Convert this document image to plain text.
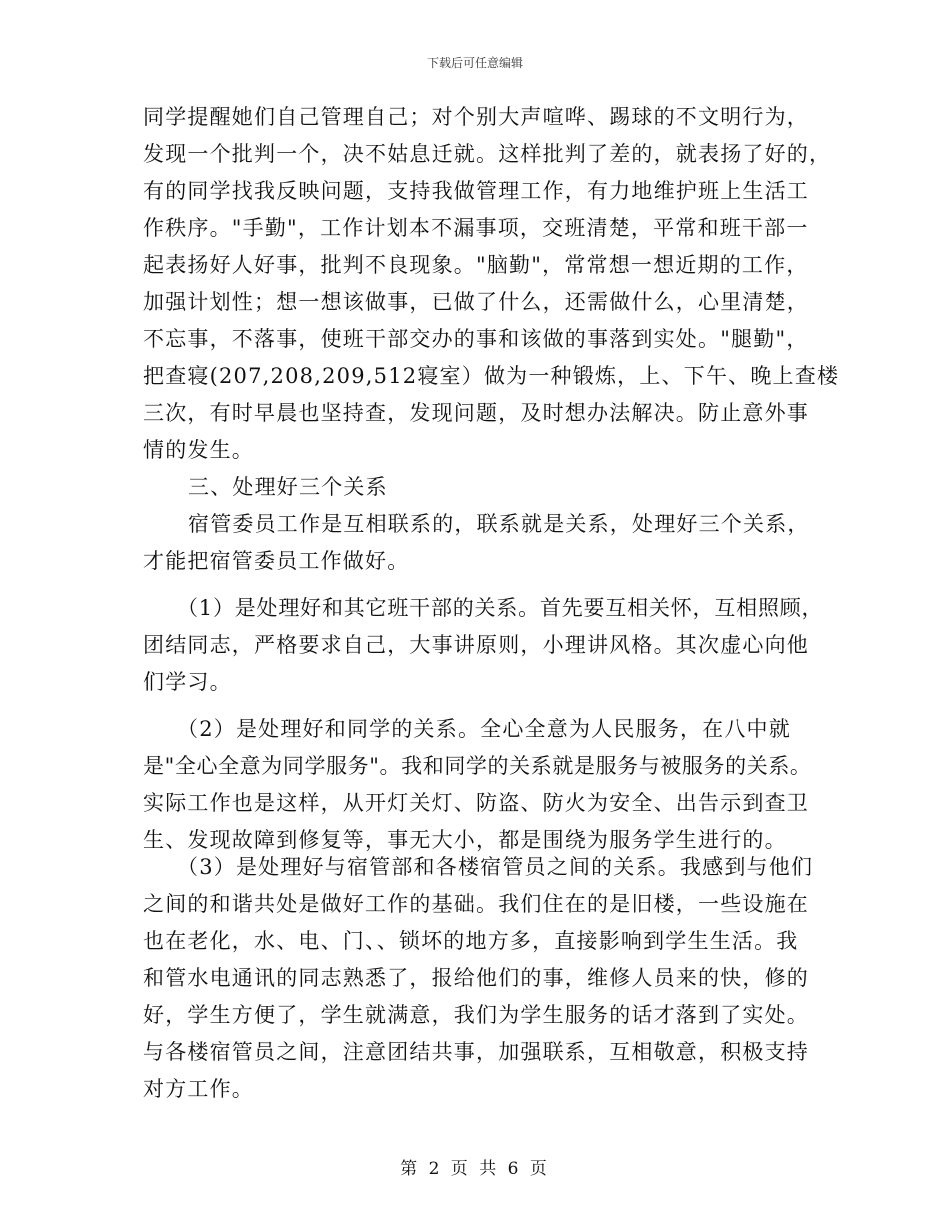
下载后可任意编辑
同学提醒她们自己管理自己；对个别大声喧哗、踢球的不文明行为，
发现一个批判一个，决不姑息迁就。这样批判了差的，就表扬了好的，
有的同学找我反映问题，支持我做管理工作，有力地维护班上生活工
作秩序。"手勤"，工作计划本不漏事项，交班清楚，平常和班干部一
起表扬好人好事，批判不良现象。"脑勤"，常常想一想近期的工作，
加强计划性；想一想该做事，已做了什么，还需做什么，心里清楚，
不忘事，不落事，使班干部交办的事和该做的事落到实处。"腿勤"，
把查寝(207,208,209,512寝室）做为一种锻炼，上、下午、晚上查楼
三次，有时早晨也坚持查，发现问题，及时想办法解决。防止意外事
情的发生。
三、处理好三个关系
宿管委员工作是互相联系的，联系就是关系，处理好三个关系，
才能把宿管委员工作做好。
（1）是处理好和其它班干部的关系。首先要互相关怀，互相照顾，
团结同志，严格要求自己，大事讲原则，小理讲风格。其次虚心向他
们学习。
（2）是处理好和同学的关系。全心全意为人民服务，在八中就
是"全心全意为同学服务"。我和同学的关系就是服务与被服务的关系。
实际工作也是这样，从开灯关灯、防盗、防火为安全、出告示到查卫
生、发现故障到修复等，事无大小，都是围绕为服务学生进行的。
（3）是处理好与宿管部和各楼宿管员之间的关系。我感到与他们
之间的和谐共处是做好工作的基础。我们住在的是旧楼，一些设施在
也在老化，水、电、门、、锁坏的地方多，直接影响到学生生活。我
和管水电通讯的同志熟悉了，报给他们的事，维修人员来的快，修的
好，学生方便了，学生就满意，我们为学生服务的话才落到了实处。
与各楼宿管员之间，注意团结共事，加强联系，互相敬意，积极支持
对方工作。
第 2 页 共 6 页
